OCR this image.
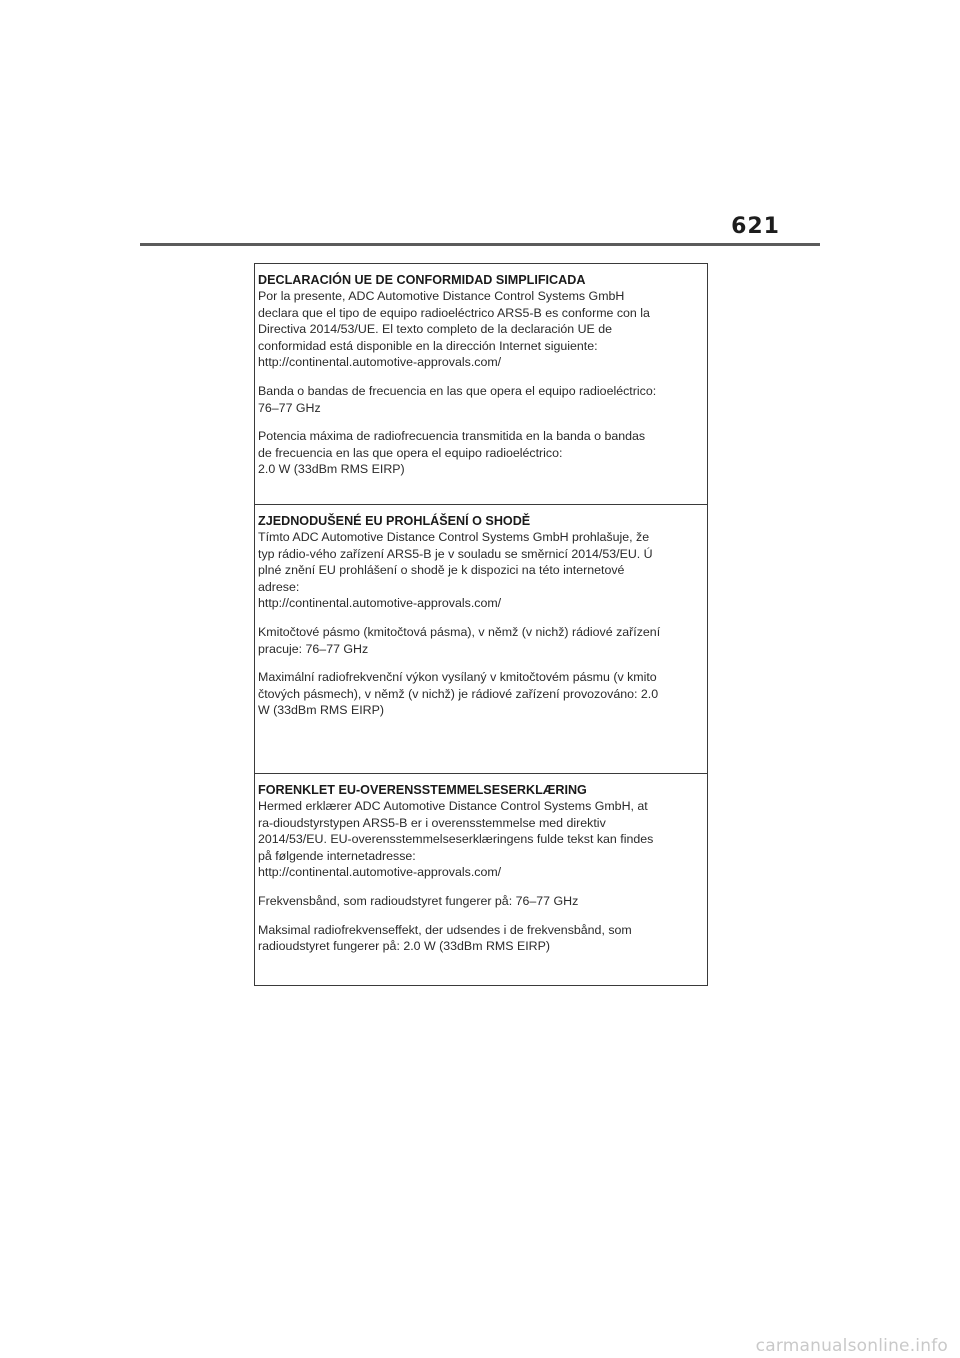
621
DECLARACIÓN UE DE CONFORMIDAD SIMPLIFICADA
Por la presente, ADC Automotive Distance Control Systems GmbH
declara que el tipo de equipo radioeléctrico ARS5-B es conforme con la
Directiva 2014/53/UE. El texto completo de la declaración UE de
conformidad está disponible en la dirección Internet siguiente:
http://continental.automotive-approvals.com/
Banda o bandas de frecuencia en las que opera el equipo radioeléctrico:
76–77 GHz
Potencia máxima de radiofrecuencia transmitida en la banda o bandas
de frecuencia en las que opera el equipo radioeléctrico:
2.0 W (33dBm RMS EIRP)
ZJEDNODUŠENÉ EU PROHLÁŠENÍ O SHODĚ
Tímto ADC Automotive Distance Control Systems GmbH prohlašuje, že
typ rádio-vého zařízení ARS5-B je v souladu se směrnicí 2014/53/EU. Ú
plné znění EU prohlášení o shodě je k dispozici na této internetové
adrese:
http://continental.automotive-approvals.com/
Kmitočtové pásmo (kmitočtová pásma), v němž (v nichž) rádiové zařízení
pracuje: 76–77 GHz
Maximální radiofrekvenční výkon vysílaný v kmitočtovém pásmu (v kmito
čtových pásmech), v němž (v nichž) je rádiové zařízení provozováno: 2.0
W (33dBm RMS EIRP)
FORENKLET EU-OVERENSSTEMMELSESERKLÆRING
Hermed erklærer ADC Automotive Distance Control Systems GmbH, at
ra-dioudstyrstypen ARS5-B er i overensstemmelse med direktiv
2014/53/EU. EU-overensstemmelseserklæringens fulde tekst kan findes
på følgende internetadresse:
http://continental.automotive-approvals.com/
Frekvensbånd, som radioudstyret fungerer på: 76–77 GHz
Maksimal radiofrekvenseffekt, der udsendes i de frekvensbånd, som
radioudstyret fungerer på: 2.0 W (33dBm RMS EIRP)
carmanualsonline.info
